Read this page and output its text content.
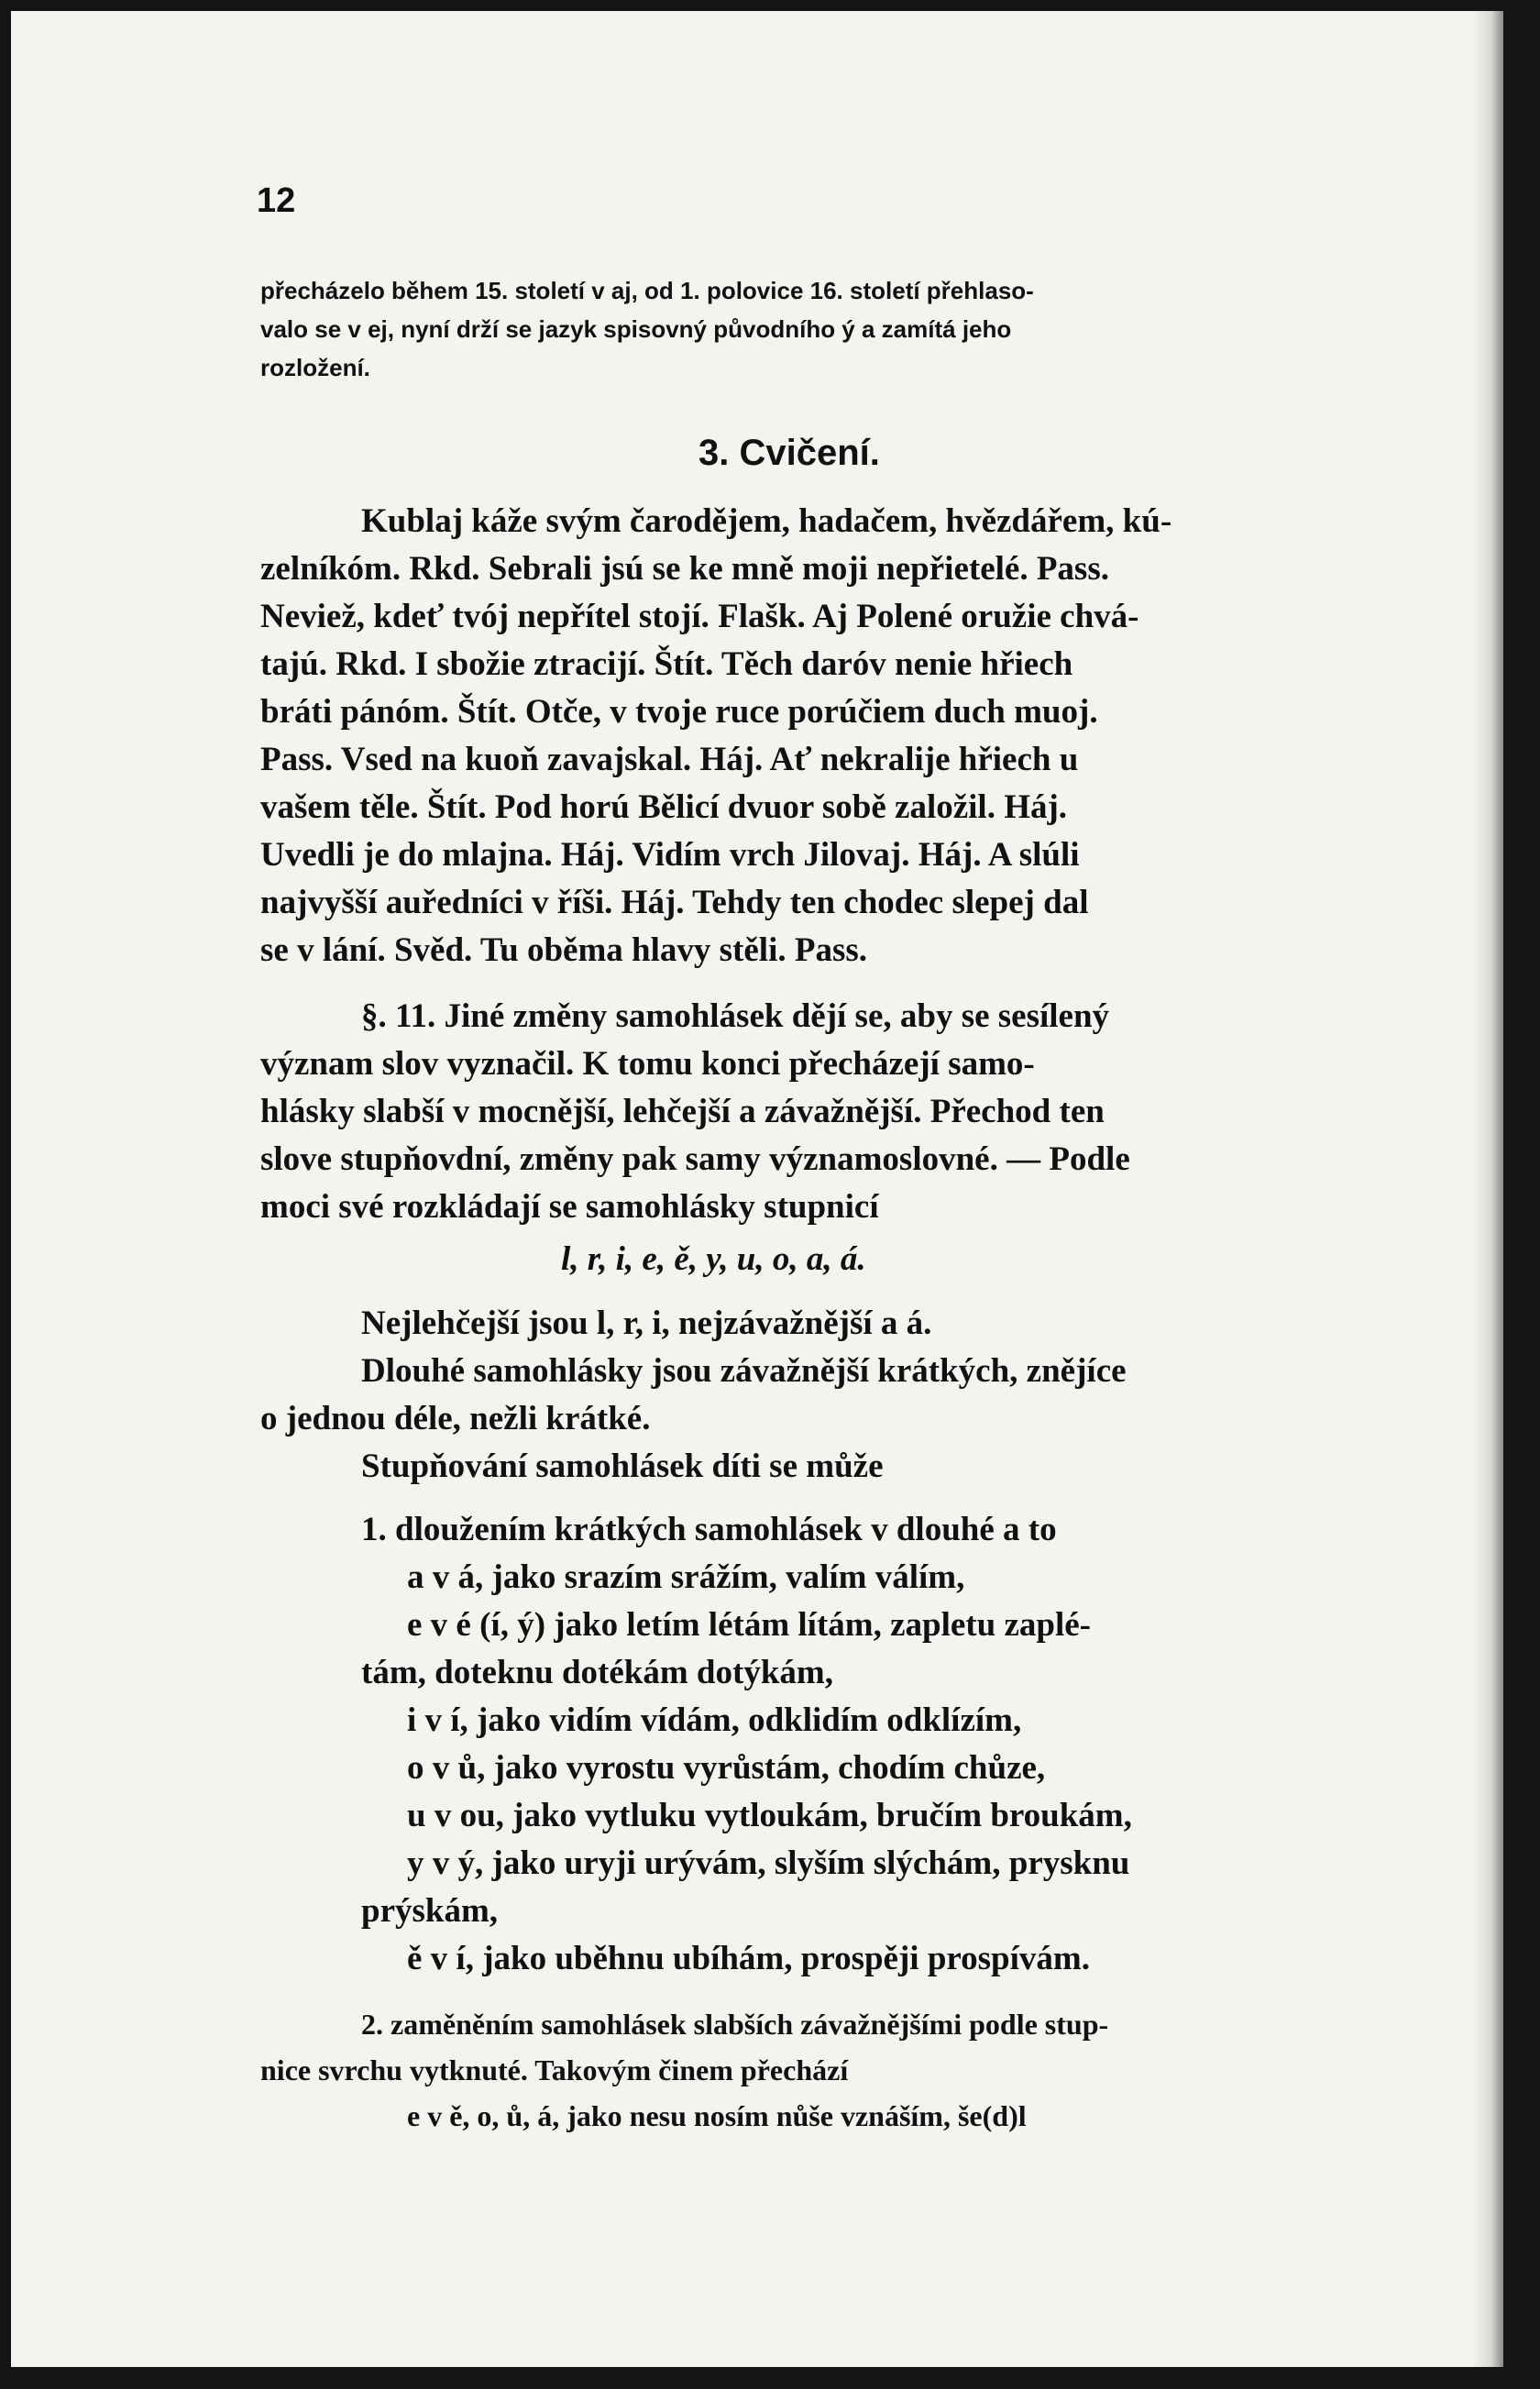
12
přecházelo během 15. století v aj, od 1. polovice 16. století přehlaso-
valo se v ej, nyní drží se jazyk spisovný původního ý a zamítá jeho
rozložení.
3. Cvičení.
Kublaj káže svým čarodějem, hadačem, hvězdářem, kú-
zelníkóm. Rkd. Sebrali jsú se ke mně moji nepřietelé. Pass.
Neviež, kdeť tvój nepřítel stojí. Flašk. Aj Polené oružie chvá-
tajú. Rkd. I sbožie ztracijí. Štít. Těch daróv nenie hřiech
bráti pánóm. Štít. Otče, v tvoje ruce porúčiem duch muoj.
Pass. Vsed na kuoň zavajskal. Háj. Ať nekralije hřiech u
vašem těle. Štít. Pod horú Bělicí dvuor sobě založil. Háj.
Uvedli je do mlajna. Háj. Vidím vrch Jilovaj. Háj. A slúli
najvyšší auředníci v říši. Háj. Tehdy ten chodec slepej dal
se v lání. Svěd. Tu oběma hlavy stěli. Pass.
§. 11. Jiné změny samohlásek dějí se, aby se sesílený
význam slov vyznačil. K tomu konci přecházejí samo-
hlásky slabší v mocnější, lehčejší a závažnější. Přechod ten
slove stupňovdní, změny pak samy významoslovné. — Podle
moci své rozkládají se samohlásky stupnicí
l, r, i, e, ě, y, u, o, a, á.
Nejlehčejší jsou l, r, i, nejzávažnější a á.
Dlouhé samohlásky jsou závažnější krátkých, znějíce
o jednou déle, nežli krátké.
Stupňování samohlásek díti se může
1. dloužením krátkých samohlásek v dlouhé a to
a v á, jako srazím srážím, valím válím,
e v é (í, ý) jako letím létám lítám, zapletu zaplé-
tám, doteknu dotékám dotýkám,
i v í, jako vidím vídám, odklidím odklízím,
o v ů, jako vyrostu vyrůstám, chodím chůze,
u v ou, jako vytluku vytloukám, bručím broukám,
y v ý, jako uryji urývám, slyším slýchám, prysknu
prýskám,
ě v í, jako uběhnu ubíhám, prospěji prospívám.
2. zaměněním samohlásek slabších závažnějšími podle stup-
nice svrchu vytknuté. Takovým činem přechází
e v ě, o, ů, á, jako nesu nosím nůše vznáším, še(d)l
